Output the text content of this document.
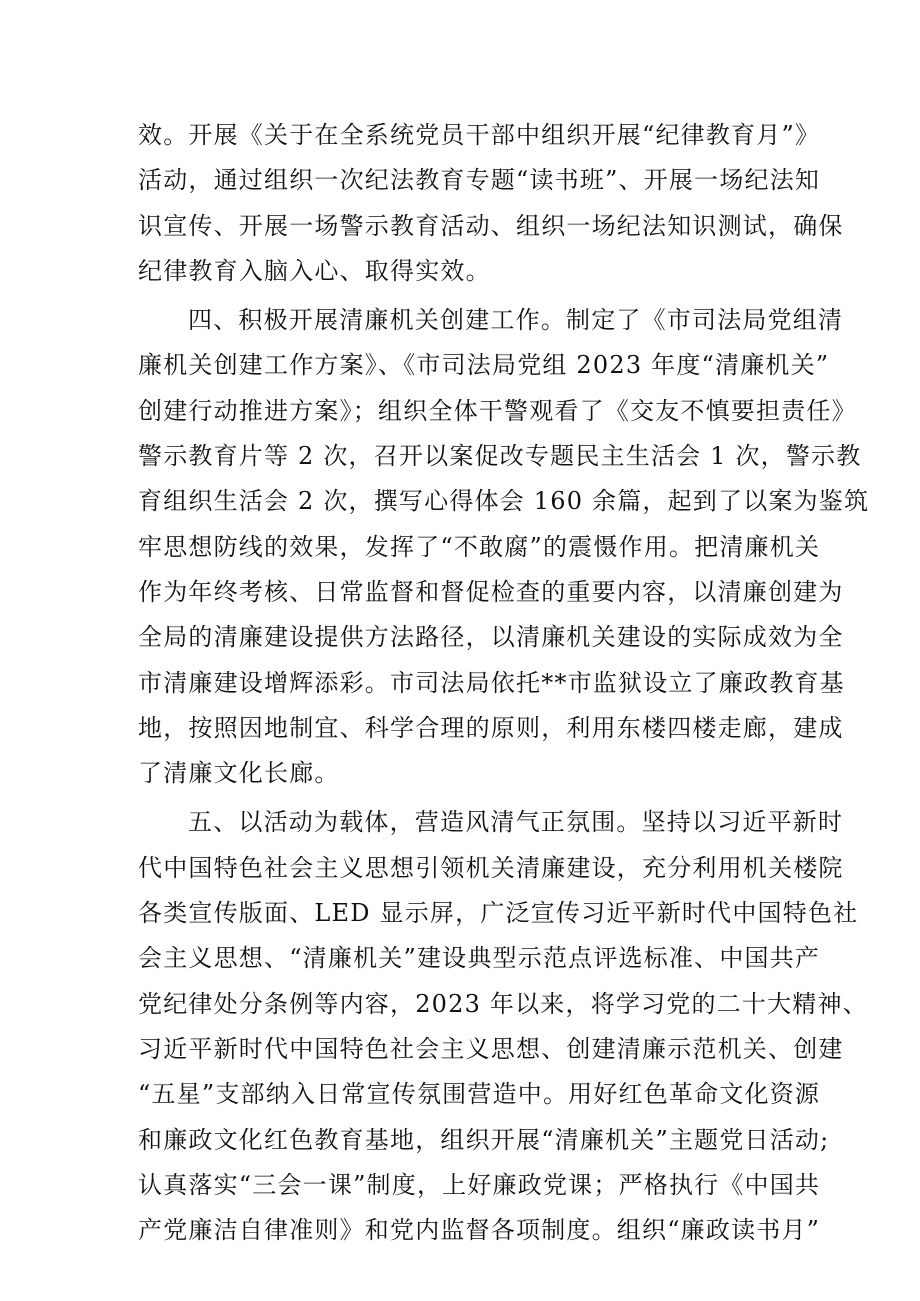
效。开展《关于在全系统党员干部中组织开展“纪律教育月”》
活动，通过组织一次纪法教育专题“读书班”、开展一场纪法知
识宣传、开展一场警示教育活动、组织一场纪法知识测试，确保
纪律教育入脑入心、取得实效。
四、积极开展清廉机关创建工作。制定了《市司法局党组清
廉机关创建工作方案》、《市司法局党组 2023 年度“清廉机关”
创建行动推进方案》；组织全体干警观看了《交友不慎要担责任》
警示教育片等 2 次，召开以案促改专题民主生活会 1 次，警示教
育组织生活会 2 次，撰写心得体会 160 余篇，起到了以案为鉴筑
牢思想防线的效果，发挥了“不敢腐”的震慑作用。把清廉机关
作为年终考核、日常监督和督促检查的重要内容，以清廉创建为
全局的清廉建设提供方法路径，以清廉机关建设的实际成效为全
市清廉建设增辉添彩。市司法局依托**市监狱设立了廉政教育基
地，按照因地制宜、科学合理的原则，利用东楼四楼走廊，建成
了清廉文化长廊。
五、以活动为载体，营造风清气正氛围。坚持以习近平新时
代中国特色社会主义思想引领机关清廉建设，充分利用机关楼院
各类宣传版面、LED 显示屏，广泛宣传习近平新时代中国特色社
会主义思想、“清廉机关”建设典型示范点评选标准、中国共产
党纪律处分条例等内容，2023 年以来，将学习党的二十大精神、
习近平新时代中国特色社会主义思想、创建清廉示范机关、创建
“五星”支部纳入日常宣传氛围营造中。用好红色革命文化资源
和廉政文化红色教育基地，组织开展“清廉机关”主题党日活动;
认真落实“三会一课”制度，上好廉政党课；严格执行《中国共
产党廉洁自律准则》和党内监督各项制度。组织“廉政读书月”
